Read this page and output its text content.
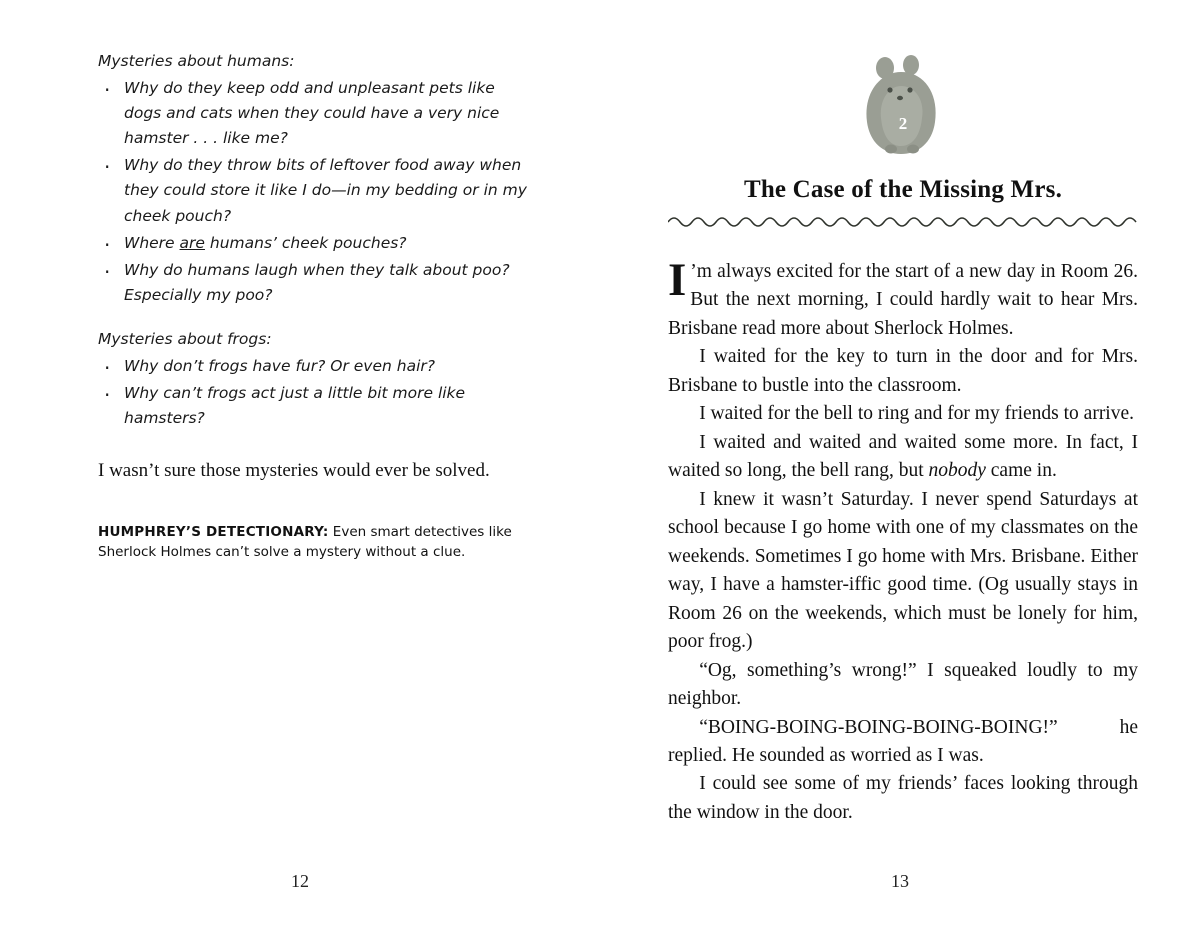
Mysteries about humans:
· Why do they keep odd and unpleasant pets like dogs and cats when they could have a very nice hamster . . . like me?
· Why do they throw bits of leftover food away when they could store it like I do—in my bedding or in my cheek pouch?
· Where are humans’ cheek pouches?
· Why do humans laugh when they talk about poo? Especially my poo?
Mysteries about frogs:
· Why don’t frogs have fur? Or even hair?
· Why can’t frogs act just a little bit more like hamsters?

I wasn’t sure those mysteries would ever be solved.

HUMPHREY’S DETECTIONARY: Even smart detectives like Sherlock Holmes can’t solve a mystery without a clue.
12
2
The Case of the Missing Mrs.

I ’m always excited for the start of a new day in Room 26. But the next morning, I could hardly wait to hear Mrs. Brisbane read more about Sherlock Holmes.

I waited for the key to turn in the door and for Mrs. Brisbane to bustle into the classroom.

I waited for the bell to ring and for my friends to arrive.

I waited and waited and waited some more. In fact, I waited so long, the bell rang, but nobody came in.

I knew it wasn’t Saturday. I never spend Saturdays at school because I go home with one of my classmates on the weekends. Sometimes I go home with Mrs. Brisbane. Either way, I have a hamster-iffic good time. (Og usually stays in Room 26 on the weekends, which must be lonely for him, poor frog.)

“Og, something’s wrong!” I squeaked loudly to my neighbor.

“BOING-BOING-BOING-BOING-BOING!” he replied. He sounded as worried as I was.

I could see some of my friends’ faces looking through the window in the door.

13
